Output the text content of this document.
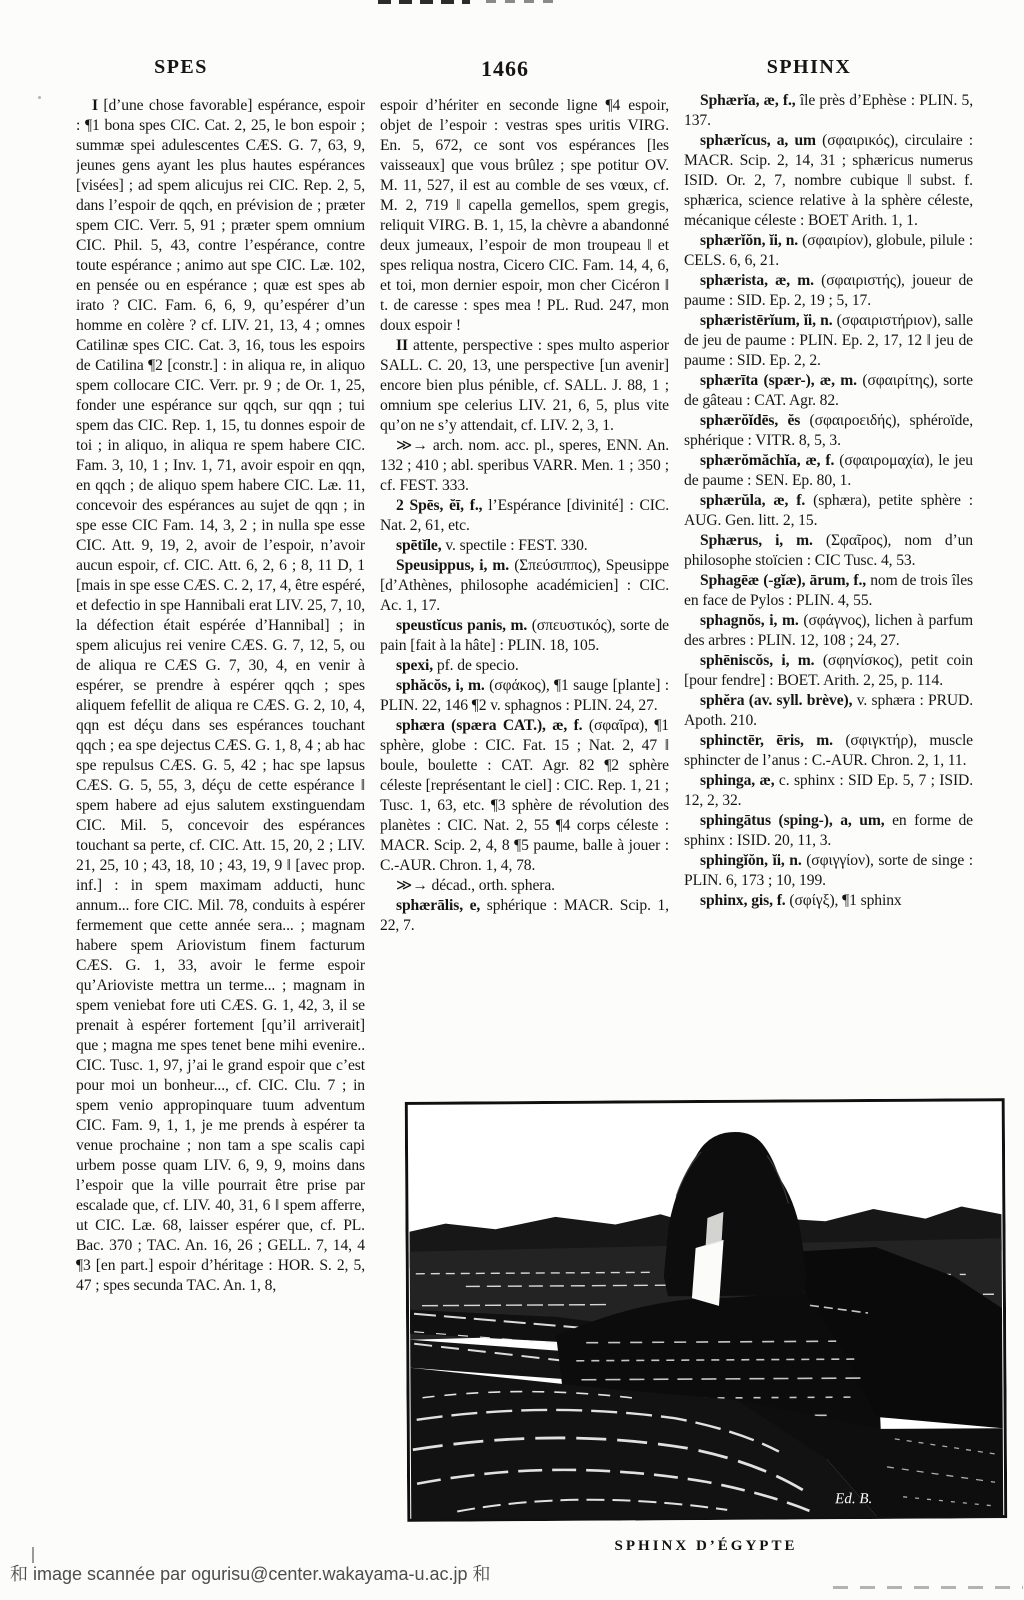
SPES	1466	SPHINX

I [d’une chose favorable] espérance, espoir : ¶1 bona spes CIC. Cat. 2, 25, le bon espoir ; summæ spei adulescentes CÆS. G. 7, 63, 9, jeunes gens ayant les plus hautes espérances [visées] ; ad spem alicujus rei CIC. Rep. 2, 5, dans l’espoir de qqch, en prévision de ; præter spem CIC. Verr. 5, 91 ; præter spem omnium CIC. Phil. 5, 43, contre l’espérance, contre toute espérance ; animo aut spe CIC. Læ. 102, en pensée ou en espérance ; quæ est spes ab irato ? CIC. Fam. 6, 6, 9, qu’espérer d’un homme en colère ? cf. LIV. 21, 13, 4 ; omnes Catilinæ spes CIC. Cat. 3, 16, tous les espoirs de Catilina ¶2 [constr.] : in aliqua re, in aliquo spem collocare CIC. Verr. pr. 9 ; de Or. 1, 25, fonder une espérance sur qqch, sur qqn ; tui spem das CIC. Rep. 1, 15, tu donnes espoir de toi ; in aliquo, in aliqua re spem habere CIC. Fam. 3, 10, 1 ; Inv. 1, 71, avoir espoir en qqn, en qqch ; de aliquo spem habere CIC. Læ. 11, concevoir des espérances au sujet de qqn ; in spe esse CIC Fam. 14, 3, 2 ; in nulla spe esse CIC. Att. 9, 19, 2, avoir de l’espoir, n’avoir aucun espoir, cf. CIC. Att. 6, 2, 6 ; 8, 11 D, 1 [mais in spe esse CÆS. C. 2, 17, 4, être espéré, et defectio in spe Hannibali erat LIV. 25, 7, 10, la défection était espérée d’Hannibal] ; in spem alicujus rei venire CÆS. G. 7, 12, 5, ou de aliqua re CÆS G. 7, 30, 4, en venir à espérer, se prendre à espérer qqch ; spes aliquem fefellit de aliqua re CÆS. G. 2, 10, 4, qqn est déçu dans ses espérances touchant qqch ; ea spe dejectus CÆS. G. 1, 8, 4 ; ab hac spe repulsus CÆS. G. 5, 42 ; hac spe lapsus CÆS. G. 5, 55, 3, déçu de cette espérance ‖ spem habere ad ejus salutem exstinguendam CIC. Mil. 5, concevoir des espérances touchant sa perte, cf. CIC. Att. 15, 20, 2 ; LIV. 21, 25, 10 ; 43, 18, 10 ; 43, 19, 9 ‖ [avec prop. inf.] : in spem maximam adducti, hunc annum... fore CIC. Mil. 78, conduits à espérer fermement que cette année sera... ; magnam habere spem Ariovistum finem facturum CÆS. G. 1, 33, avoir le ferme espoir qu’Arioviste mettra un terme... ; magnam in spem veniebat fore uti CÆS. G. 1, 42, 3, il se prenait à espérer fortement [qu’il arriverait] que ; magna me spes tenet bene mihi evenire.. CIC. Tusc. 1, 97, j’ai le grand espoir que c’est pour moi un bonheur..., cf. CIC. Clu. 7 ; in spem venio appropinquare tuum adventum CIC. Fam. 9, 1, 1, je me prends à espérer ta venue prochaine ; non tam a spe scalis capi urbem posse quam LIV. 6, 9, 9, moins dans l’espoir que la ville pourrait être prise par escalade que, cf. LIV. 40, 31, 6 ‖ spem afferre, ut CIC. Læ. 68, laisser espérer que, cf. PL. Bac. 370 ; TAC. An. 16, 26 ; GELL. 7, 14, 4 ¶3 [en part.] espoir d’héritage : HOR. S. 2, 5, 47 ; spes secunda TAC. An. 1, 8,

espoir d’hériter en seconde ligne ¶4 espoir, objet de l’espoir : vestras spes uritis VIRG. En. 5, 672, ce sont vos espérances [les vaisseaux] que vous brûlez ; spe potitur OV. M. 11, 527, il est au comble de ses vœux, cf. M. 2, 719 ‖ capella gemellos, spem gregis, reliquit VIRG. B. 1, 15, la chèvre a abandonné deux jumeaux, l’espoir de mon troupeau ‖ et spes reliqua nostra, Cicero CIC. Fam. 14, 4, 6, et toi, mon dernier espoir, mon cher Cicéron ‖ t. de caresse : spes mea ! PL. Rud. 247, mon doux espoir !

II attente, perspective : spes multo asperior SALL. C. 20, 13, une perspective [un avenir] encore bien plus pénible, cf. SALL. J. 88, 1 ; omnium spe celerius LIV. 21, 6, 5, plus vite qu’on ne s’y attendait, cf. LIV. 2, 3, 1.

≫→ arch. nom. acc. pl., speres, ENN. An. 132 ; 410 ; abl. speribus VARR. Men. 1 ; 350 ; cf. FEST. 333.

2 Spēs, ĕī, f., l’Espérance [divinité] : CIC. Nat. 2, 61, etc.

spētĭle, v. spectile : FEST. 330.

Speusippus, i, m. (Σπεύσιππος), Speusippe [d’Athènes, philosophe académicien] : CIC. Ac. 1, 17.

speustĭcus panis, m. (σπευστικός), sorte de pain [fait à la hâte] : PLIN. 18, 105.

spexi, pf. de specio.

sphăcŏs, i, m. (σφάκος), ¶1 sauge [plante] : PLIN. 22, 146 ¶2 v. sphagnos : PLIN. 24, 27.

sphæra (spæra CAT.), æ, f. (σφαῖρα), ¶1 sphère, globe : CIC. Fat. 15 ; Nat. 2, 47 ‖ boule, boulette : CAT. Agr. 82 ¶2 sphère céleste [représentant le ciel] : CIC. Rep. 1, 21 ; Tusc. 1, 63, etc. ¶3 sphère de révolution des planètes : CIC. Nat. 2, 55 ¶4 corps céleste : MACR. Scip. 2, 4, 8 ¶5 paume, balle à jouer : C.-AUR. Chron. 1, 4, 78.

≫→ décad., orth. sphera.

sphærālis, e, sphérique : MACR. Scip. 1, 22, 7.

Sphærĭa, æ, f., île près d’Ephèse : PLIN. 5, 137.

sphærĭcus, a, um (σφαιρικός), circulaire : MACR. Scip. 2, 14, 31 ; sphæricus numerus ISID. Or. 2, 7, nombre cubique ‖ subst. f. sphærica, science relative à la sphère céleste, mécanique céleste : BOET Arith. 1, 1.

sphærĭŏn, ĭi, n. (σφαιρίον), globule, pilule : CELS. 6, 6, 21.

sphærista, æ, m. (σφαιριστής), joueur de paume : SID. Ep. 2, 19 ; 5, 17.

sphæristērĭum, ĭi, n. (σφαιριστήριον), salle de jeu de paume : PLIN. Ep. 2, 17, 12 ‖ jeu de paume : SID. Ep. 2, 2.

sphærīta (spær-), æ, m. (σφαιρίτης), sorte de gâteau : CAT. Agr. 82.

sphærŏĭdēs, ĕs (σφαιροειδής), sphéroïde, sphérique : VITR. 8, 5, 3.

sphærŏmăchĭa, æ, f. (σφαιρομαχία), le jeu de paume : SEN. Ep. 80, 1.

sphærŭla, æ, f. (sphæra), petite sphère : AUG. Gen. litt. 2, 15.

Sphærus, i, m. (Σφαῖρος), nom d’un philosophe stoïcien : CIC Tusc. 4, 53.

Sphagēæ (-gĭæ), ārum, f., nom de trois îles en face de Pylos : PLIN. 4, 55.

sphagnŏs, i, m. (σφάγνος), lichen à parfum des arbres : PLIN. 12, 108 ; 24, 27.

sphēniscŏs, i, m. (σφηνίσκος), petit coin [pour fendre] : BOET. Arith. 2, 25, p. 114.

sphĕra (av. syll. brève), v. sphæra : PRUD. Apoth. 210.

sphinctēr, ēris, m. (σφιγκτήρ), muscle sphincter de l’anus : C.-AUR. Chron. 2, 1, 11.

sphinga, æ, c. sphinx : SID Ep. 5, 7 ; ISID. 12, 2, 32.

sphingātus (sping-), a, um, en forme de sphinx : ISID. 20, 11, 3.

sphingĭŏn, ĭi, n. (σφιγγίον), sorte de singe : PLIN. 6, 173 ; 10, 199.

sphinx, gis, f. (σφίγξ), ¶1 sphinx

Ed. B.
SPHINX D’ÉGYPTE
和 image scannée par ogurisu@center.wakayama-u.ac.jp 和
